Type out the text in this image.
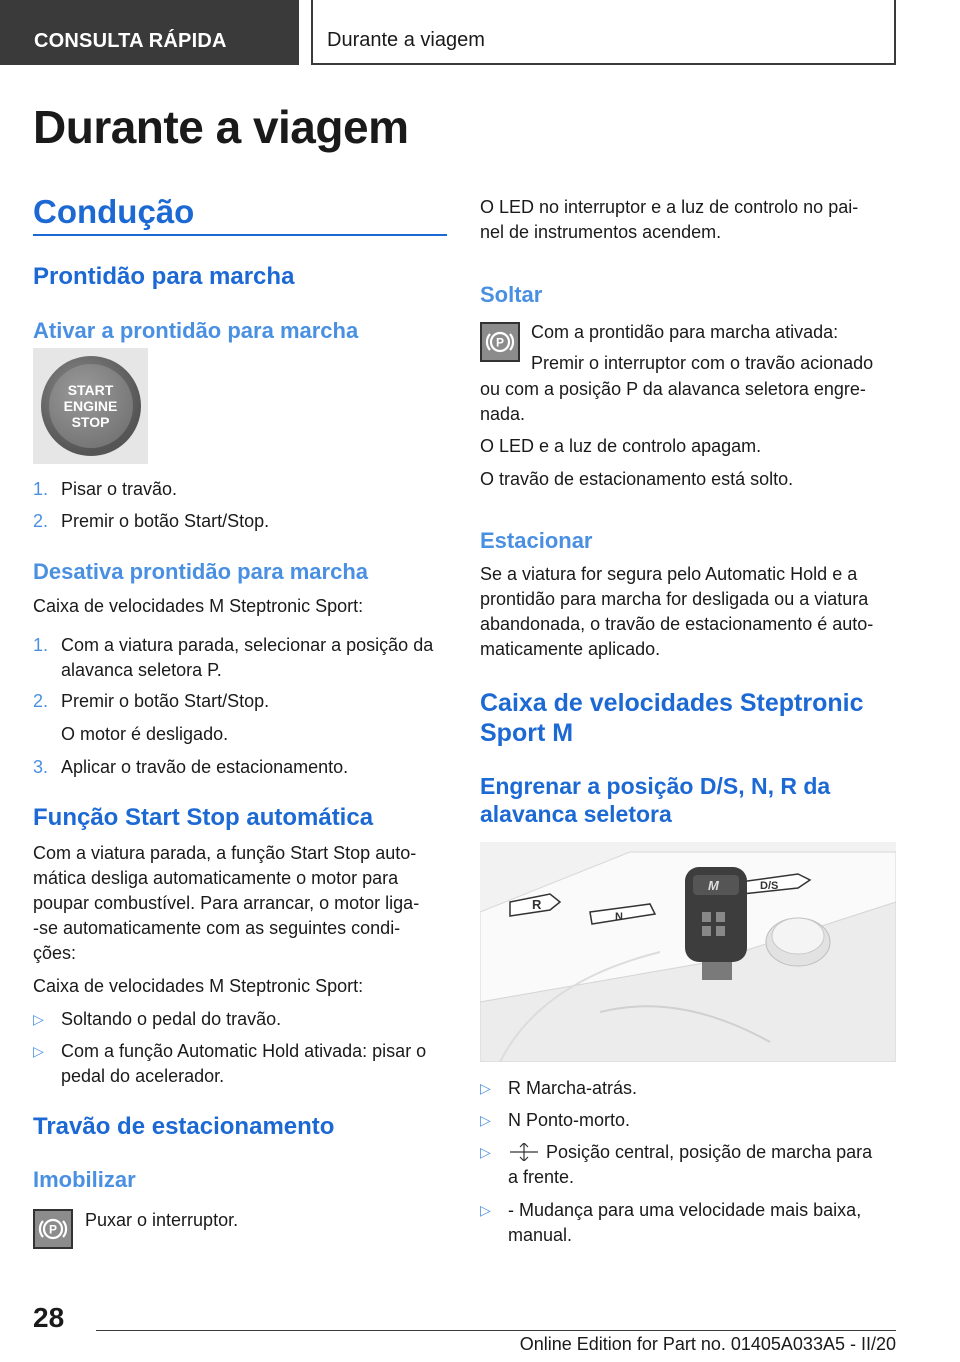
CONSULTA RÁPIDA	Durante a viagem
Durante a viagem
Condução
Prontidão para marcha
Ativar a prontidão para marcha
START
ENGINE
STOP
1. Pisar o travão.
2. Premir o botão Start/Stop.
Desativa prontidão para marcha
Caixa de velocidades M Steptronic Sport:
1. Com a viatura parada, selecionar a posição da
alavanca seletora P.
2. Premir o botão Start/Stop.
O motor é desligado.
3. Aplicar o travão de estacionamento.
Função Start Stop automática
Com a viatura parada, a função Start Stop auto-
mática desliga automaticamente o motor para
poupar combustível. Para arrancar, o motor liga-
-se automaticamente com as seguintes condi-
ções:
Caixa de velocidades M Steptronic Sport:
▷ Soltando o pedal do travão.
▷ Com a função Automatic Hold ativada: pisar o
pedal do acelerador.
Travão de estacionamento
Imobilizar
P Puxar o interruptor.
O LED no interruptor e a luz de controlo no pai-
nel de instrumentos acendem.
Soltar
P
Com a prontidão para marcha ativada:
Premir o interruptor com o travão acionado
ou com a posição P da alavanca seletora engre-
nada.
O LED e a luz de controlo apagam.
O travão de estacionamento está solto.
Estacionar
Se a viatura for segura pelo Automatic Hold e a
prontidão para marcha for desligada ou a viatura
abandonada, o travão de estacionamento é auto-
maticamente aplicado.
Caixa de velocidades Steptronic
Sport M
Engrenar a posição D/S, N, R da
alavanca seletora
R
N
D/S
M
▷ R Marcha-atrás.
▷ N Ponto-morto.
▷	Posição central, posição de marcha para
a frente.
▷ - Mudança para uma velocidade mais baixa,
manual.
28
Online Edition for Part no. 01405A033A5 - II/20
